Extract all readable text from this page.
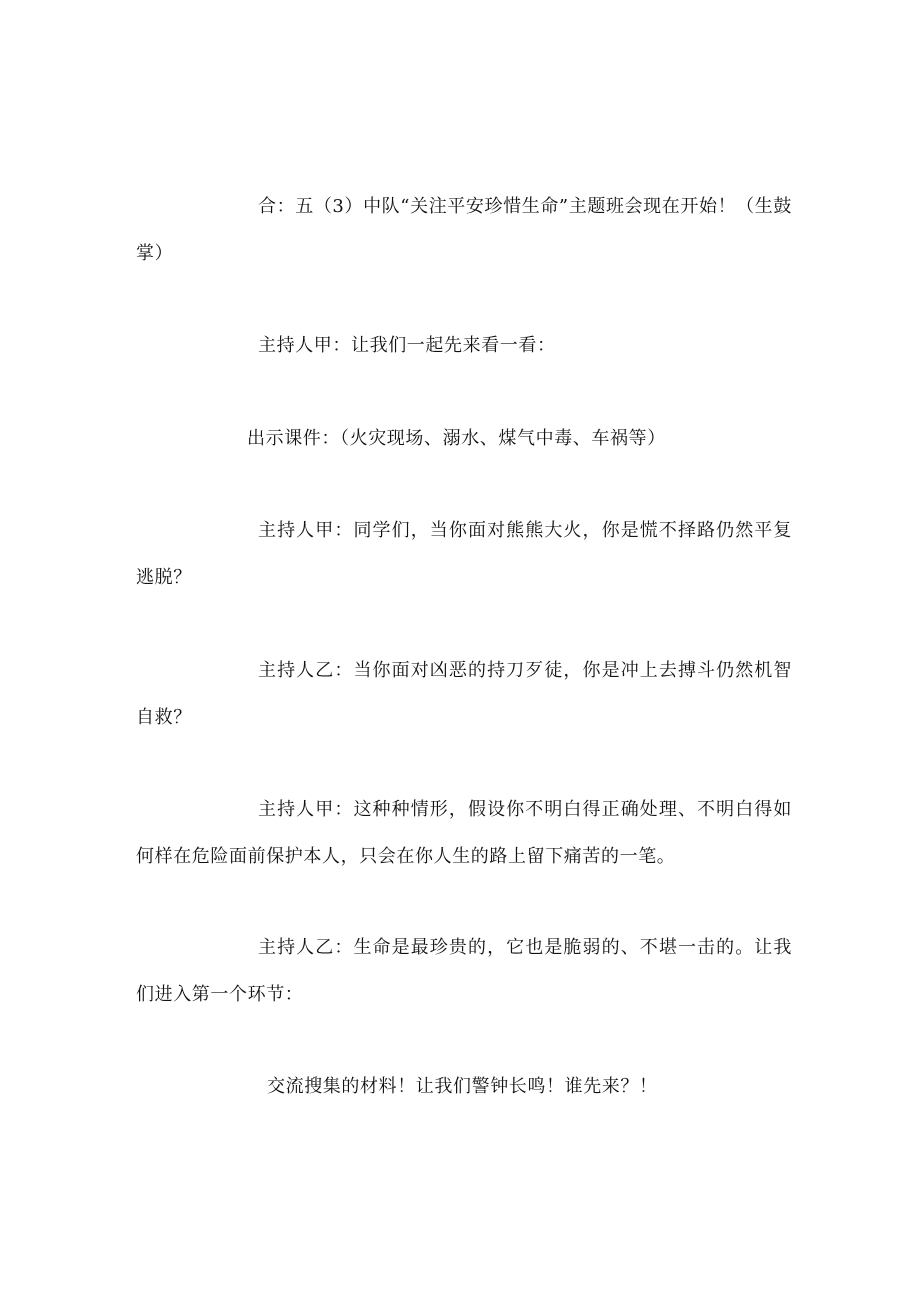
合：五（3）中队“关注平安珍惜生命”主题班会现在开始！（生鼓掌）

主持人甲：让我们一起先来看一看：

出示课件：（火灾现场、溺水、煤气中毒、车祸等）

主持人甲：同学们，当你面对熊熊大火，你是慌不择路仍然平复逃脱？

主持人乙：当你面对凶恶的持刀歹徒，你是冲上去搏斗仍然机智自救？

主持人甲：这种种情形，假设你不明白得正确处理、不明白得如何样在危险面前保护本人，只会在你人生的路上留下痛苦的一笔。

主持人乙：生命是最珍贵的，它也是脆弱的、不堪一击的。让我们进入第一个环节：

交流搜集的材料！让我们警钟长鸣！谁先来？！
